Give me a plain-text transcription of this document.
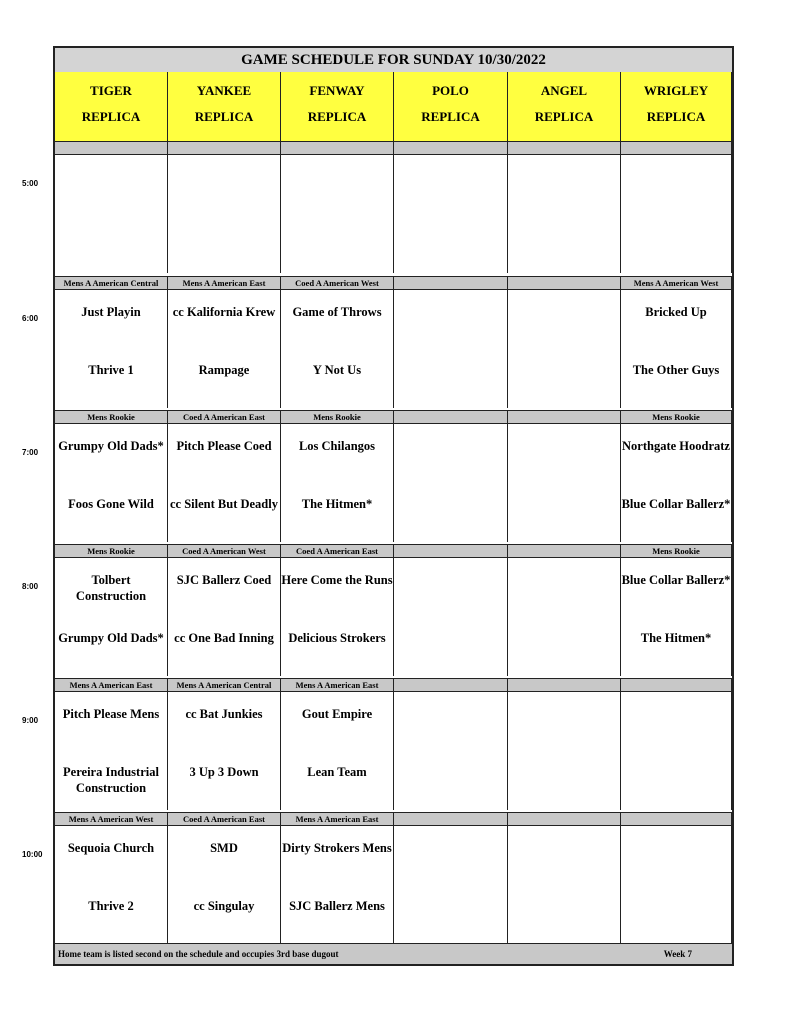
GAME SCHEDULE FOR SUNDAY 10/30/2022
TIGER
REPLICA
YANKEE
REPLICA
FENWAY
REPLICA
POLO
REPLICA
ANGEL
REPLICA
WRIGLEY
REPLICA
Mens A American Central
Just Playin
Thrive 1
Mens A American East
cc Kalifornia Krew
Rampage
Coed A American West
Game of Throws
Y Not Us
Mens A American West
Bricked Up
The Other Guys
Mens Rookie
Grumpy Old Dads*
Foos Gone Wild
Coed A American East
Pitch Please Coed
cc Silent But Deadly
Mens Rookie
Los Chilangos
The Hitmen*
Mens Rookie
Northgate Hoodratz
Blue Collar Ballerz*
Mens Rookie
Tolbert Construction
Grumpy Old Dads*
Coed A American West
SJC Ballerz Coed
cc One Bad Inning
Coed A American East
Here Come the Runs
Delicious Strokers
Mens Rookie
Blue Collar Ballerz*
The Hitmen*
Mens A American East
Pitch Please Mens
Pereira Industrial Construction
Mens A American Central
cc Bat Junkies
3 Up 3 Down
Mens A American East
Gout Empire
Lean Team
Mens A American West
Sequoia Church
Thrive 2
Coed A American East
SMD
cc Singulay
Mens A American East
Dirty Strokers Mens
SJC Ballerz Mens
Home team is listed second on the schedule and occupies 3rd base dugout	Week 7
5:00
6:00
7:00
8:00
9:00
10:00
